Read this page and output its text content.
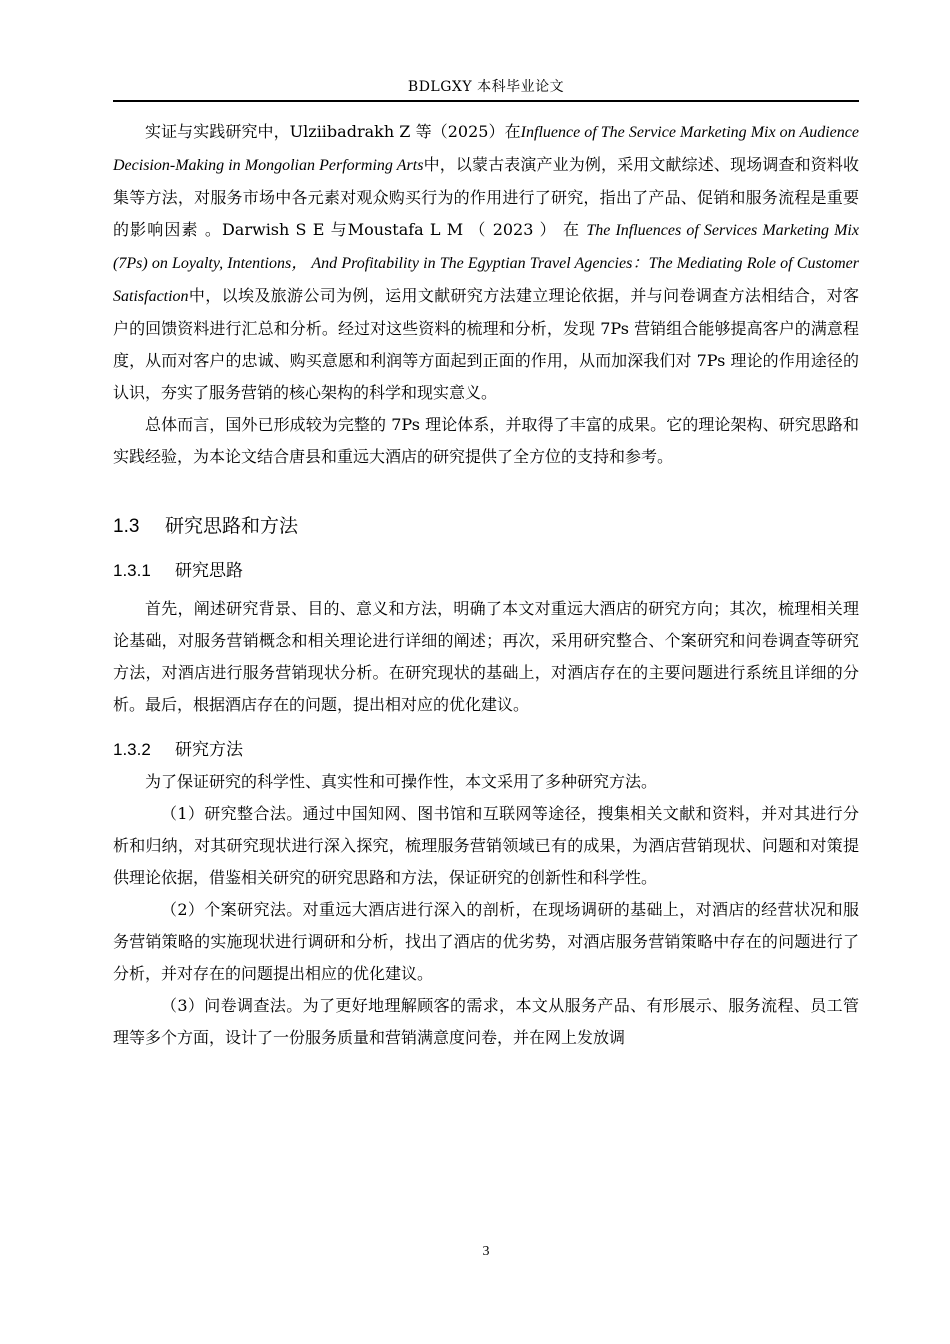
BDLGXY 本科毕业论文

实证与实践研究中，Ulziibadrakh Z 等（2025）在Influence of The Service Marketing Mix on Audience Decision-Making in Mongolian Performing Arts中，以蒙古表演产业为例，采用文献综述、现场调查和资料收集等方法，对服务市场中各元素对观众购买行为的作用进行了研究，指出了产品、促销和服务流程是重要的影响因素 。Darwish S E 与Moustafa L M （ 2023 ） 在 The Influences of Services Marketing Mix (7Ps) on Loyalty, Intentions， And Profitability in The Egyptian Travel Agencies：The Mediating Role of Customer Satisfaction中，以埃及旅游公司为例，运用文献研究方法建立理论依据，并与问卷调查方法相结合，对客户的回馈资料进行汇总和分析。经过对这些资料的梳理和分析，发现 7Ps 营销组合能够提高客户的满意程度，从而对客户的忠诚、购买意愿和利润等方面起到正面的作用，从而加深我们对 7Ps 理论的作用途径的认识，夯实了服务营销的核心架构的科学和现实意义。

总体而言，国外已形成较为完整的 7Ps 理论体系，并取得了丰富的成果。它的理论架构、研究思路和实践经验，为本论文结合唐县和重远大酒店的研究提供了全方位的支持和参考。

1.3 研究思路和方法
1.3.1 研究思路

首先，阐述研究背景、目的、意义和方法，明确了本文对重远大酒店的研究方向；其次，梳理相关理论基础，对服务营销概念和相关理论进行详细的阐述；再次，采用研究整合、个案研究和问卷调查等研究方法，对酒店进行服务营销现状分析。在研究现状的基础上，对酒店存在的主要问题进行系统且详细的分析。最后，根据酒店存在的问题，提出相对应的优化建议。

1.3.2 研究方法

为了保证研究的科学性、真实性和可操作性，本文采用了多种研究方法。

（1）研究整合法。通过中国知网、图书馆和互联网等途径，搜集相关文献和资料，并对其进行分析和归纳，对其研究现状进行深入探究，梳理服务营销领域已有的成果，为酒店营销现状、问题和对策提供理论依据，借鉴相关研究的研究思路和方法，保证研究的创新性和科学性。

（2）个案研究法。对重远大酒店进行深入的剖析，在现场调研的基础上，对酒店的经营状况和服务营销策略的实施现状进行调研和分析，找出了酒店的优劣势，对酒店服务营销策略中存在的问题进行了分析，并对存在的问题提出相应的优化建议。

（3）问卷调查法。为了更好地理解顾客的需求，本文从服务产品、有形展示、服务流程、员工管理等多个方面，设计了一份服务质量和营销满意度问卷，并在网上发放调

3
